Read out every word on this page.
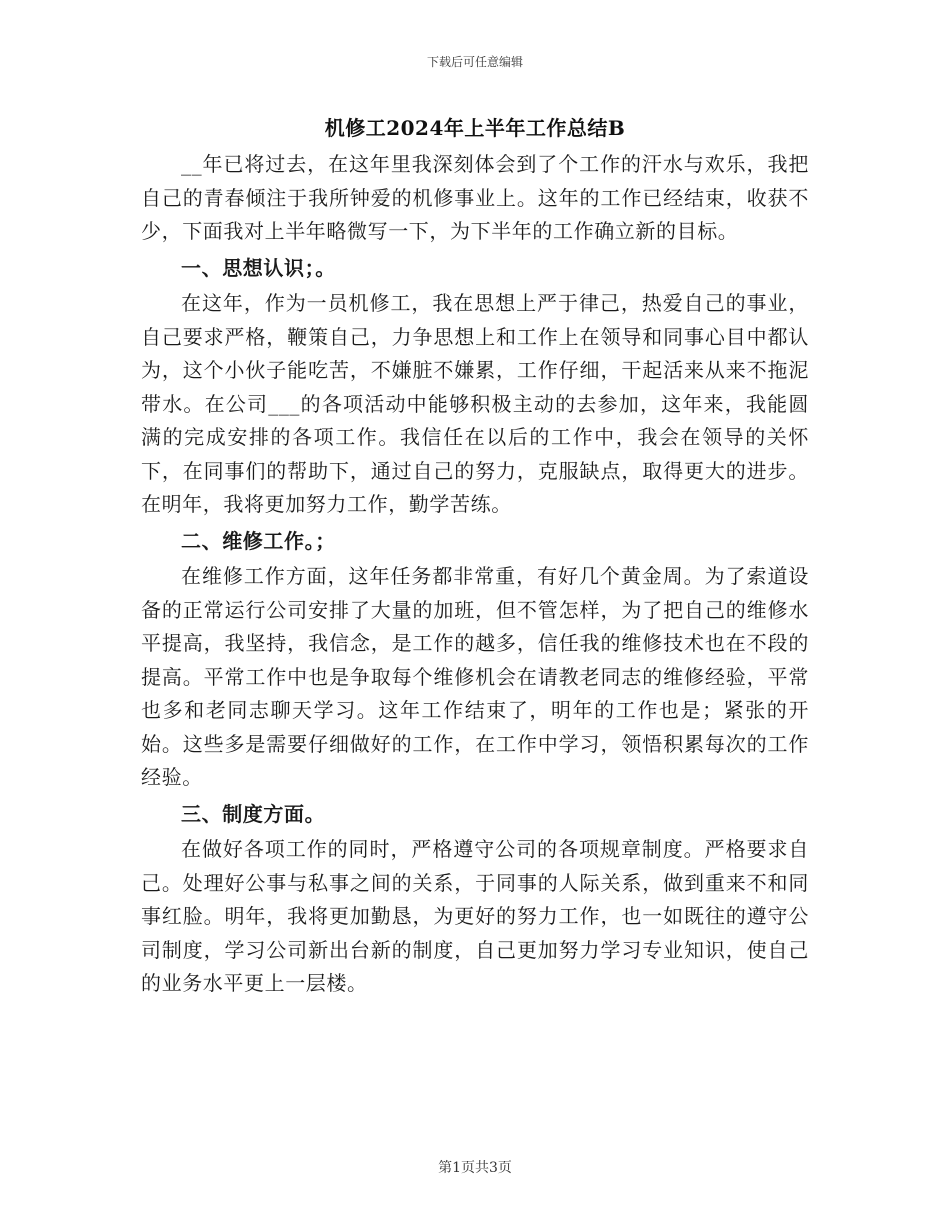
下载后可任意编辑
机修工2024年上半年工作总结B

__年已将过去，在这年里我深刻体会到了个工作的汗水与欢乐，我把自己的青春倾注于我所钟爱的机修事业上。这年的工作已经结束，收获不少，下面我对上半年略微写一下，为下半年的工作确立新的目标。

一、思想认识；。

在这年，作为一员机修工，我在思想上严于律己，热爱自己的事业，自己要求严格，鞭策自己，力争思想上和工作上在领导和同事心目中都认为，这个小伙子能吃苦，不嫌脏不嫌累，工作仔细，干起活来从来不拖泥带水。在公司___的各项活动中能够积极主动的去参加，这年来，我能圆满的完成安排的各项工作。我信任在以后的工作中，我会在领导的关怀下，在同事们的帮助下，通过自己的努力，克服缺点，取得更大的进步。在明年，我将更加努力工作，勤学苦练。

二、维修工作。；

在维修工作方面，这年任务都非常重，有好几个黄金周。为了索道设备的正常运行公司安排了大量的加班，但不管怎样，为了把自己的维修水平提高，我坚持，我信念，是工作的越多，信任我的维修技术也在不段的提高。平常工作中也是争取每个维修机会在请教老同志的维修经验，平常也多和老同志聊天学习。这年工作结束了，明年的工作也是；紧张的开始。这些多是需要仔细做好的工作，在工作中学习，领悟积累每次的工作经验。

三、制度方面。

在做好各项工作的同时，严格遵守公司的各项规章制度。严格要求自己。处理好公事与私事之间的关系，于同事的人际关系，做到重来不和同事红脸。明年，我将更加勤恳，为更好的努力工作，也一如既往的遵守公司制度，学习公司新出台新的制度，自己更加努力学习专业知识，使自己的业务水平更上一层楼。

第1页共3页
